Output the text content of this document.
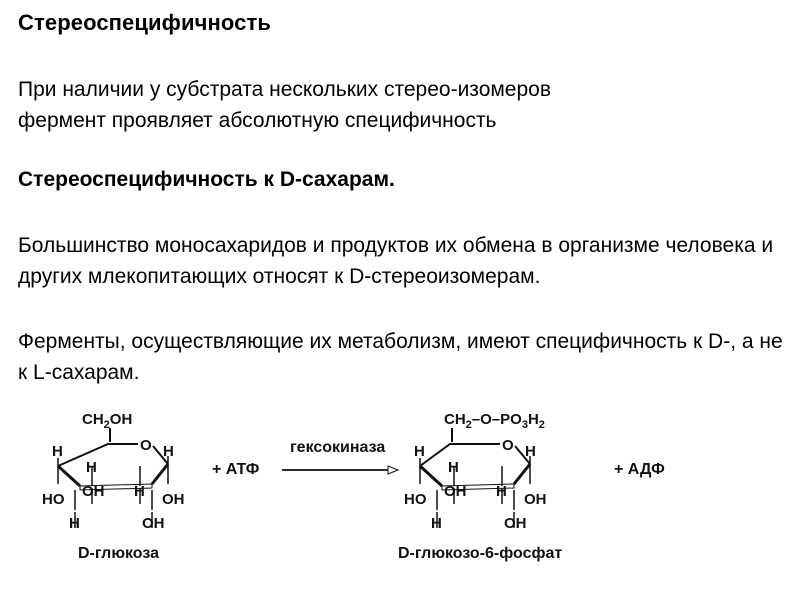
Стереоспецифичность
При наличии у субстрата нескольких стерео-изомеров
фермент проявляет абсолютную специфичность
Стереоспецифичность к D-сахарам.
Большинство моносахаридов и продуктов их обмена в организме человека и других млекопитающих относят к D-стереоизомерам.
Ферменты, осуществляющие их метаболизм, имеют специфичность к D-, а не к L-сахарам.
$CH_2OH$
O
H
H
H
OH H
HO	OH
H	OH
D-глюкоза
+ АТФ
гексокиназа
$CH_2-O-PO_3H_2$
O
H
H
H
OH H
HO	OH
H	OH
D-глюкозо-6-фосфат
+ АДФ
